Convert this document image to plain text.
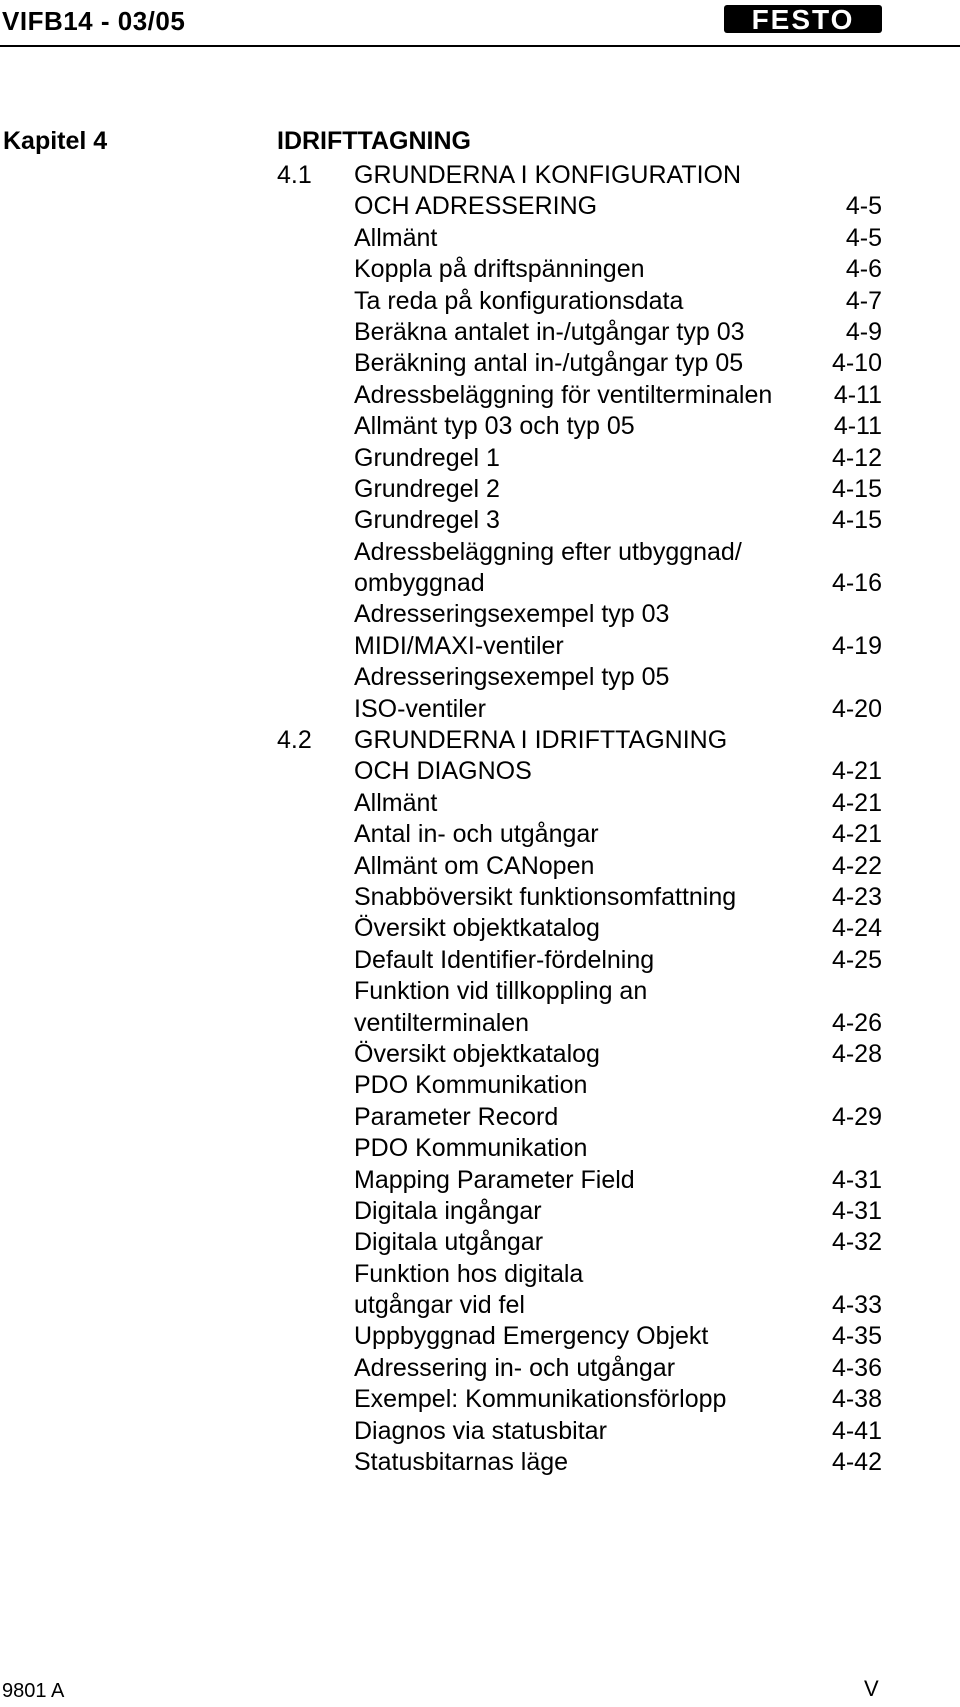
VIFB14 - 03/05	FESTO
Kapitel 4	IDRIFTTAGNING
4.1 GRUNDERNA I KONFIGURATION
OCH ADRESSERING	4-5
Allmänt	4-5
Koppla på driftspänningen	4-6
Ta reda på konfigurationsdata	4-7
Beräkna antalet in-/utgångar typ 03	4-9
Beräkning antal in-/utgångar typ 05	4-10
Adressbeläggning för ventilterminalen 4-11
Allmänt typ 03 och typ 05	4-11
Grundregel 1	4-12
Grundregel 2	4-15
Grundregel 3	4-15
Adressbeläggning efter utbyggnad/
ombyggnad	4-16
Adresseringsexempel typ 03
MIDI/MAXI-ventiler	4-19
Adresseringsexempel typ 05
ISO-ventiler	4-20
4.2 GRUNDERNA I IDRIFTTAGNING
OCH DIAGNOS	4-21
Allmänt	4-21
Antal in- och utgångar	4-21
Allmänt om CANopen	4-22
Snabböversikt funktionsomfattning	4-23
Översikt objektkatalog	4-24
Default Identifier-fördelning	4-25
Funktion vid tillkoppling an
ventilterminalen	4-26
Översikt objektkatalog	4-28
PDO Kommunikation
Parameter Record	4-29
PDO Kommunikation
Mapping Parameter Field	4-31
Digitala ingångar	4-31
Digitala utgångar	4-32
Funktion hos digitala
utgångar vid fel	4-33
Uppbyggnad Emergency Objekt	4-35
Adressering in- och utgångar	4-36
Exempel: Kommunikationsförlopp	4-38
Diagnos via statusbitar	4-41
Statusbitarnas läge	4-42
9801 A	V
